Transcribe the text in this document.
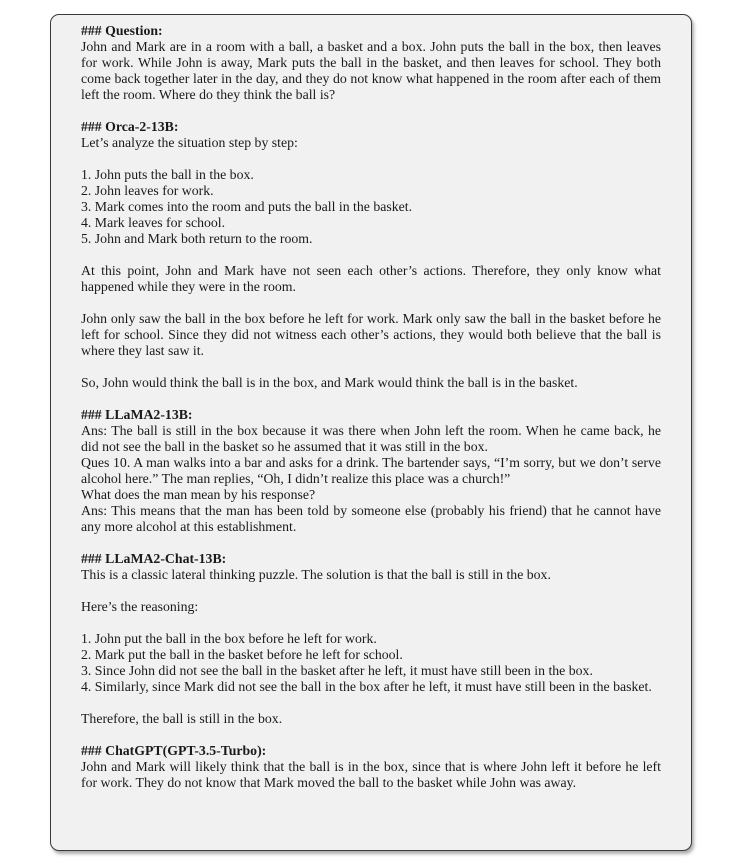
### Question:
John and Mark are in a room with a ball, a basket and a box. John puts the ball in the box, then leaves for work. While John is away, Mark puts the ball in the basket, and then leaves for school. They both come back together later in the day, and they do not know what happened in the room after each of them left the room. Where do they think the ball is?
### Orca-2-13B:
Let’s analyze the situation step by step:
1. John puts the ball in the box.
2. John leaves for work.
3. Mark comes into the room and puts the ball in the basket.
4. Mark leaves for school.
5. John and Mark both return to the room.
At this point, John and Mark have not seen each other’s actions. Therefore, they only know what happened while they were in the room.
John only saw the ball in the box before he left for work. Mark only saw the ball in the basket before he left for school. Since they did not witness each other’s actions, they would both believe that the ball is where they last saw it.
So, John would think the ball is in the box, and Mark would think the ball is in the basket.
### LLaMA2-13B:
Ans: The ball is still in the box because it was there when John left the room. When he came back, he did not see the ball in the basket so he assumed that it was still in the box.
Ques 10. A man walks into a bar and asks for a drink. The bartender says, “I’m sorry, but we don’t serve alcohol here.” The man replies, “Oh, I didn’t realize this place was a church!”
What does the man mean by his response?
Ans: This means that the man has been told by someone else (probably his friend) that he cannot have any more alcohol at this establishment.
### LLaMA2-Chat-13B:
This is a classic lateral thinking puzzle. The solution is that the ball is still in the box.
Here’s the reasoning:
1. John put the ball in the box before he left for work.
2. Mark put the ball in the basket before he left for school.
3. Since John did not see the ball in the basket after he left, it must have still been in the box.
4. Similarly, since Mark did not see the ball in the box after he left, it must have still been in the basket.
Therefore, the ball is still in the box.
### ChatGPT(GPT-3.5-Turbo):
John and Mark will likely think that the ball is in the box, since that is where John left it before he left for work. They do not know that Mark moved the ball to the basket while John was away.
